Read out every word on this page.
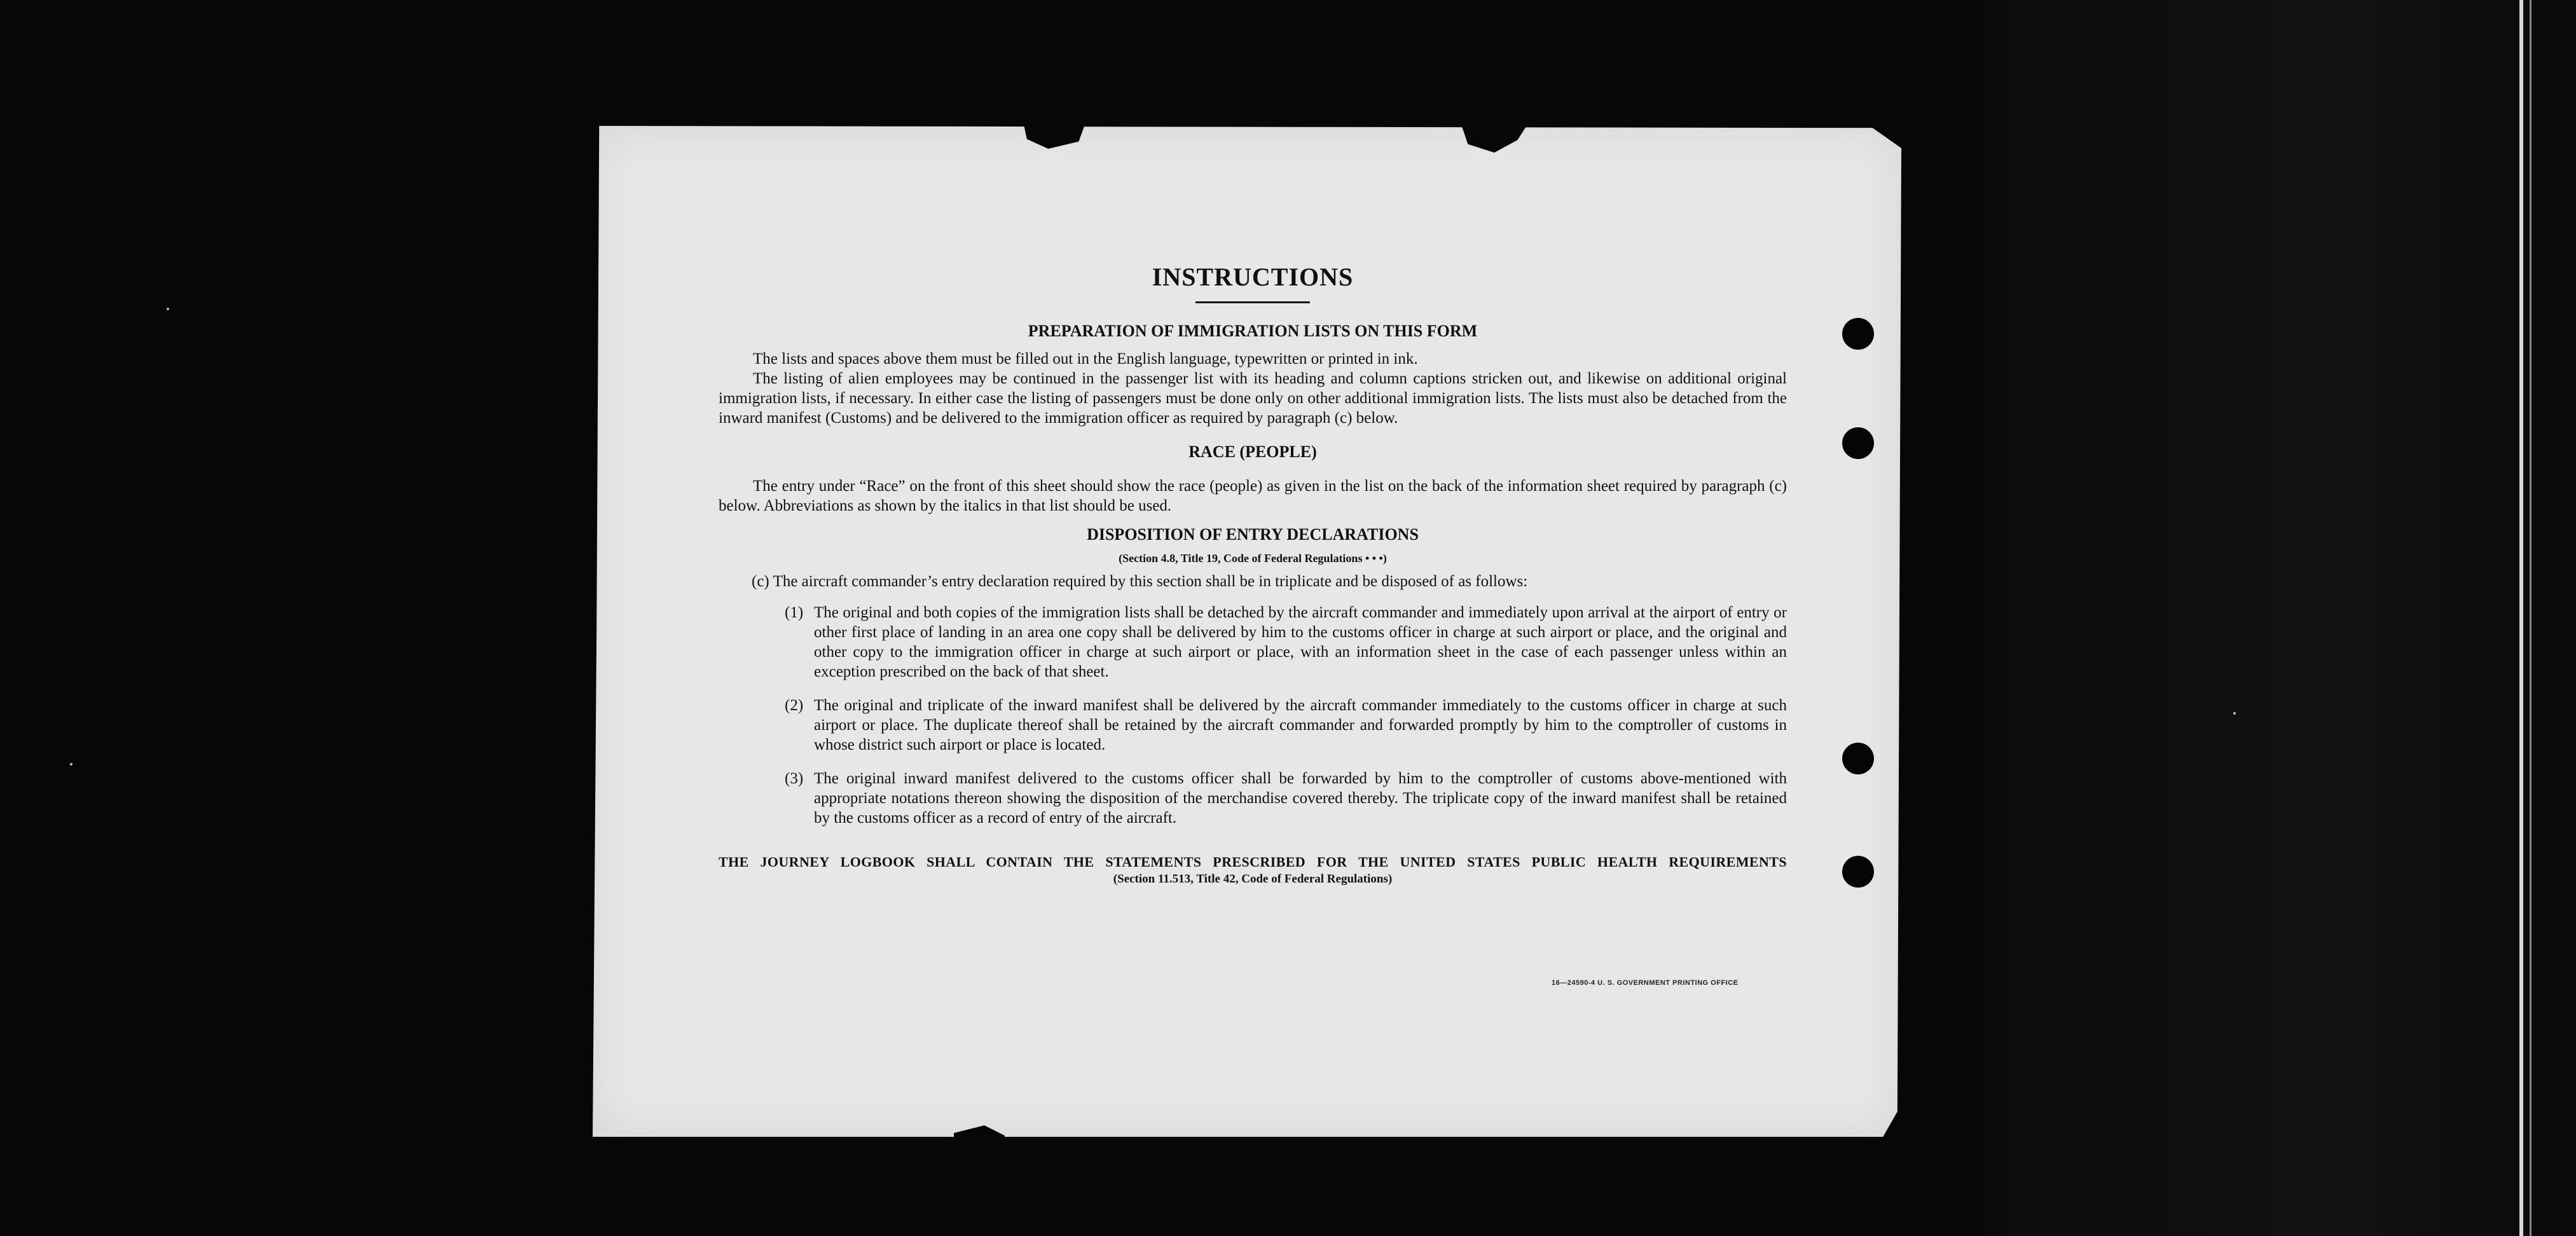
INSTRUCTIONS
PREPARATION OF IMMIGRATION LISTS ON THIS FORM

The lists and spaces above them must be filled out in the English language, typewritten or printed in ink.

The listing of alien employees may be continued in the passenger list with its heading and column captions stricken out, and likewise on additional original immigration lists, if necessary. In either case the listing of passengers must be done only on other additional immigration lists. The lists must also be detached from the inward manifest (Customs) and be delivered to the immigration officer as required by paragraph (c) below.

RACE (PEOPLE)

The entry under “Race” on the front of this sheet should show the race (people) as given in the list on the back of the information sheet required by paragraph (c) below. Abbreviations as shown by the italics in that list should be used.

DISPOSITION OF ENTRY DECLARATIONS
(Section 4.8, Title 19, Code of Federal Regulations • • •)
(c) The aircraft commander’s entry declaration required by this section shall be in triplicate and be disposed of as follows:
(1) The original and both copies of the immigration lists shall be detached by the aircraft commander and immediately upon arrival at the airport of entry or other first place of landing in an area one copy shall be delivered by him to the customs officer in charge at such airport or place, and the original and other copy to the immigration officer in charge at such airport or place, with an information sheet in the case of each passenger unless within an exception prescribed on the back of that sheet.
(2) The original and triplicate of the inward manifest shall be delivered by the aircraft commander immediately to the customs officer in charge at such airport or place. The duplicate thereof shall be retained by the aircraft commander and forwarded promptly by him to the comptroller of customs in whose district such airport or place is located.
(3) The original inward manifest delivered to the customs officer shall be forwarded by him to the comptroller of customs above-mentioned with appropriate notations thereon showing the disposition of the merchandise covered thereby. The triplicate copy of the inward manifest shall be retained by the customs officer as a record of entry of the aircraft.
THE JOURNEY LOGBOOK SHALL CONTAIN THE STATEMENTS PRESCRIBED FOR THE UNITED STATES PUBLIC HEALTH REQUIREMENTS
(Section 11.513, Title 42, Code of Federal Regulations)
16—24590-4 U. S. GOVERNMENT PRINTING OFFICE
